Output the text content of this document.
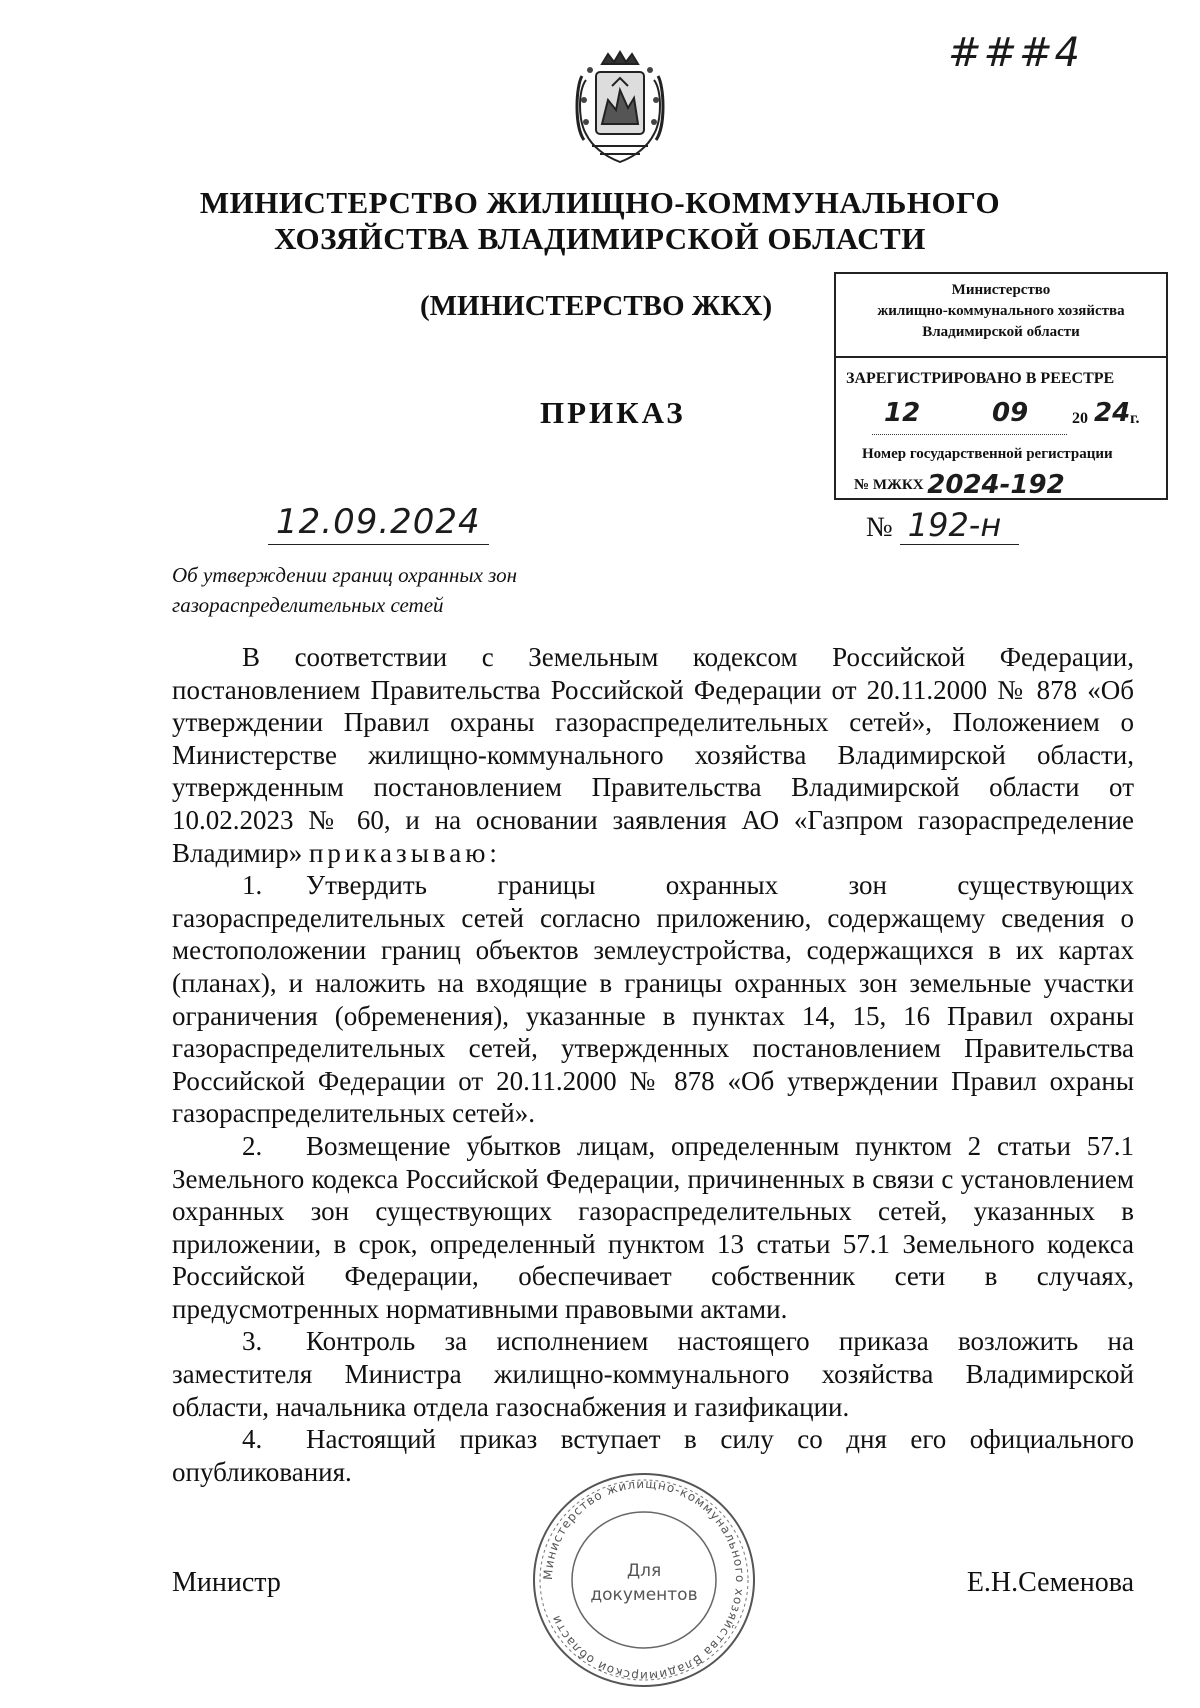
###4
МИНИСТЕРСТВО ЖИЛИЩНО-КОММУНАЛЬНОГО
ХОЗЯЙСТВА ВЛАДИМИРСКОЙ ОБЛАСТИ
(МИНИСТЕРСТВО ЖКХ)
ПРИКАЗ
Министерство
жилищно-коммунального хозяйства
Владимирской области
ЗАРЕГИСТРИРОВАНО В РЕЕСТРЕ
12	09	20 24 г.
Номер государственной регистрации
№ МЖКХ 2024-192
12.09.2024	№ 192-н
Об утверждении границ охранных зон газораспределительных сетей

В соответствии с Земельным кодексом Российской Федерации, постановлением Правительства Российской Федерации от 20.11.2000 № 878 «Об утверждении Правил охраны газораспределительных сетей», Положением о Министерстве жилищно-коммунального хозяйства Владимирской области, утвержденным постановлением Правительства Владимирской области от 10.02.2023 № 60, и на основании заявления АО «Газпром газораспределение Владимир» приказываю:

1. Утвердить границы охранных зон существующих газораспределительных сетей согласно приложению, содержащему сведения о местоположении границ объектов землеустройства, содержащихся в их картах (планах), и наложить на входящие в границы охранных зон земельные участки ограничения (обременения), указанные в пунктах 14, 15, 16 Правил охраны газораспределительных сетей, утвержденных постановлением Правительства Российской Федерации от 20.11.2000 № 878 «Об утверждении Правил охраны газораспределительных сетей».

2. Возмещение убытков лицам, определенным пунктом 2 статьи 57.1 Земельного кодекса Российской Федерации, причиненных в связи с установлением охранных зон существующих газораспределительных сетей, указанных в приложении, в срок, определенный пунктом 13 статьи 57.1 Земельного кодекса Российской Федерации, обеспечивает собственник сети в случаях, предусмотренных нормативными правовыми актами.

3. Контроль за исполнением настоящего приказа возложить на заместителя Министра жилищно-коммунального хозяйства Владимирской области, начальника отдела газоснабжения и газификации.

4. Настоящий приказ вступает в силу со дня его официального опубликования.

Министерство жилищно-коммунального хозяйства Владимирской области
Для
документов
Министр	Е.Н.Семенова
